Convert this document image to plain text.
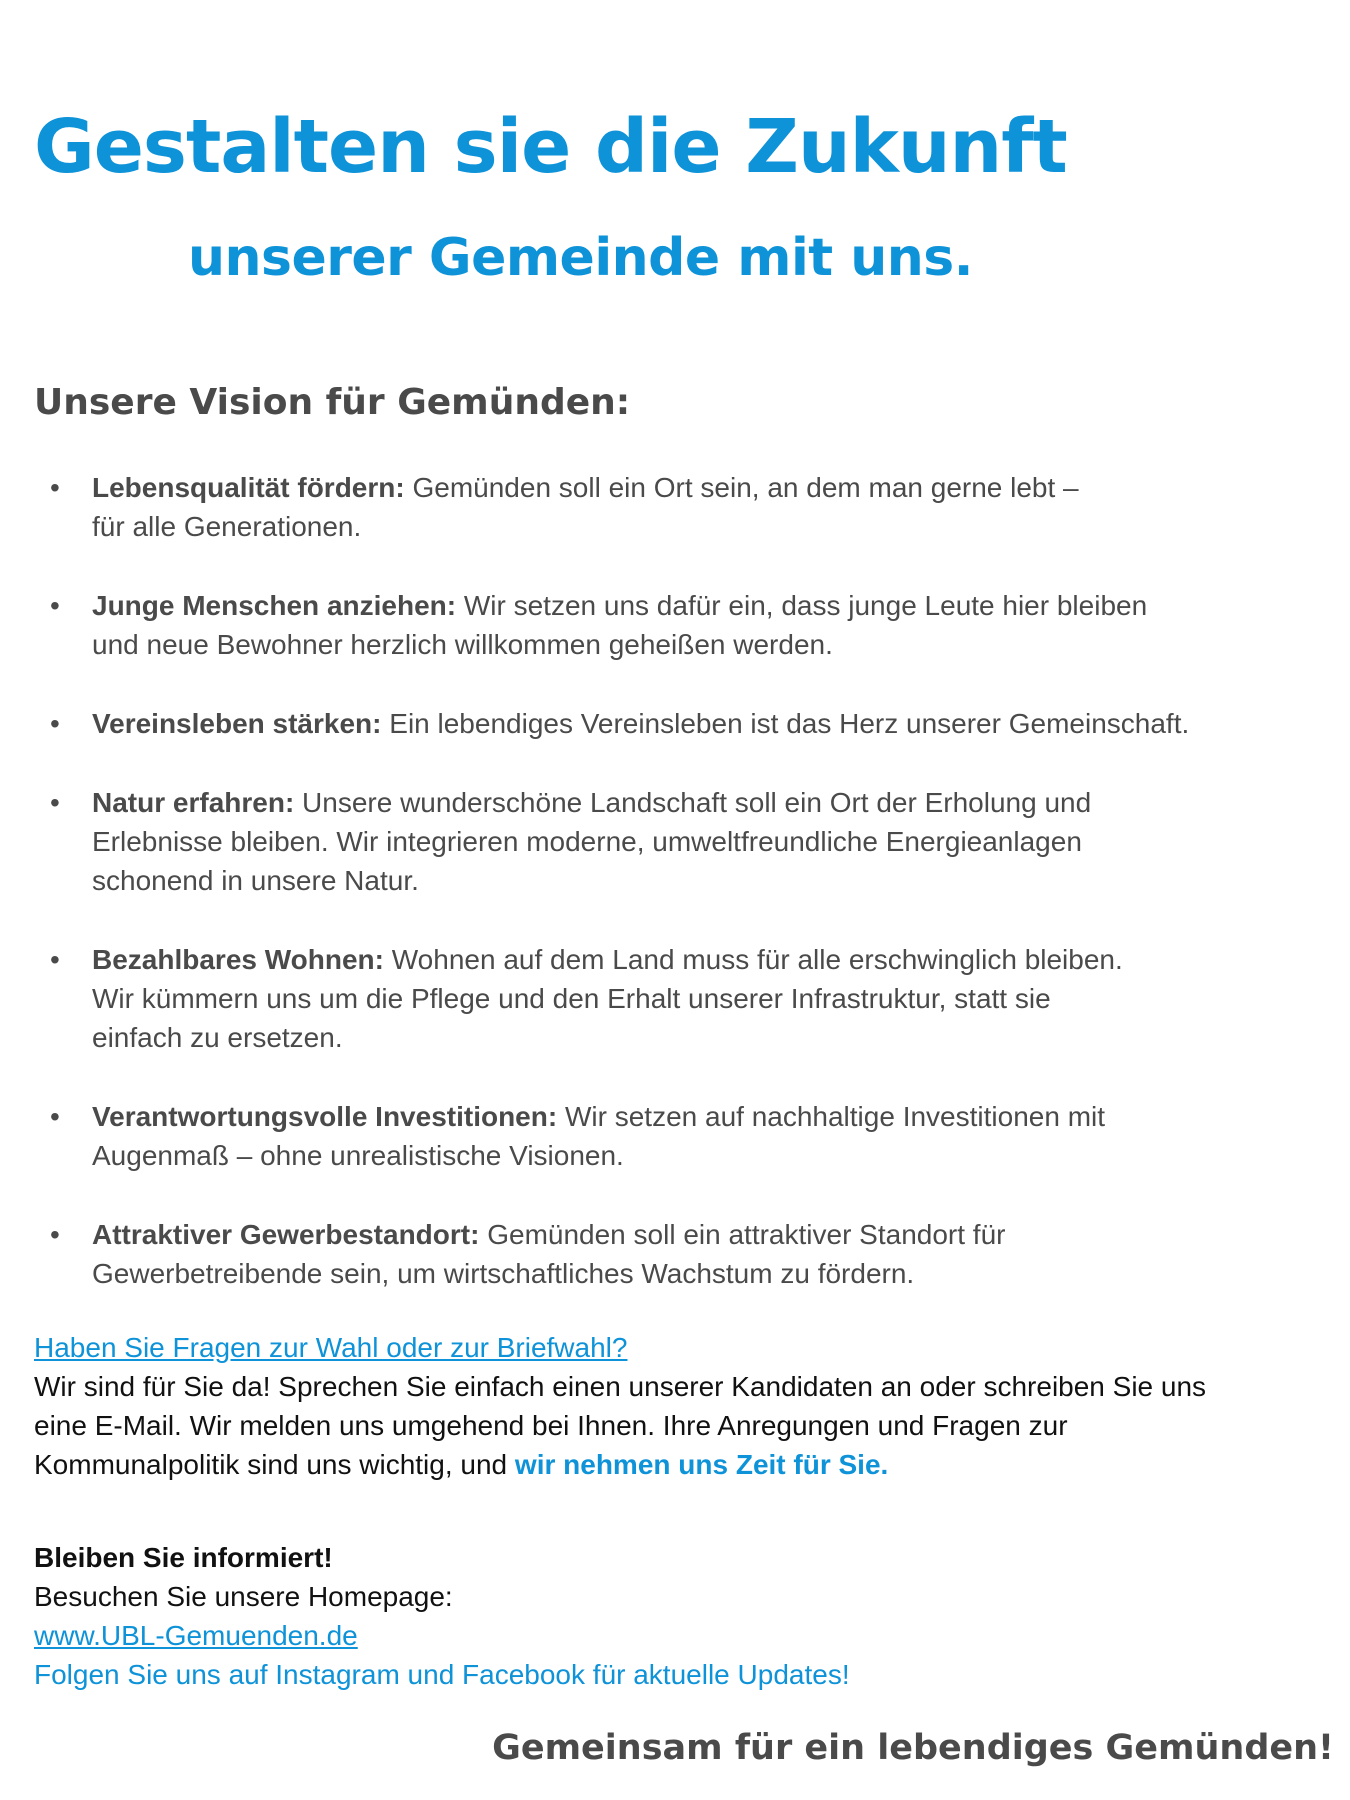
Gestalten sie die Zukunft
unserer Gemeinde mit uns.
Unsere Vision für Gemünden:
•	Lebensqualität fördern: Gemünden soll ein Ort sein, an dem man gerne lebt –
für alle Generationen.
•	Junge Menschen anziehen: Wir setzen uns dafür ein, dass junge Leute hier bleiben
und neue Bewohner herzlich willkommen geheißen werden.
•	Vereinsleben stärken: Ein lebendiges Vereinsleben ist das Herz unserer Gemeinschaft.
•	Natur erfahren: Unsere wunderschöne Landschaft soll ein Ort der Erholung und
Erlebnisse bleiben. Wir integrieren moderne, umweltfreundliche Energieanlagen
schonend in unsere Natur.
•	Bezahlbares Wohnen: Wohnen auf dem Land muss für alle erschwinglich bleiben.
Wir kümmern uns um die Pflege und den Erhalt unserer Infrastruktur, statt sie
einfach zu ersetzen.
•	Verantwortungsvolle Investitionen: Wir setzen auf nachhaltige Investitionen mit
Augenmaß – ohne unrealistische Visionen.
•	Attraktiver Gewerbestandort: Gemünden soll ein attraktiver Standort für
Gewerbetreibende sein, um wirtschaftliches Wachstum zu fördern.
Haben Sie Fragen zur Wahl oder zur Briefwahl?
Wir sind für Sie da! Sprechen Sie einfach einen unserer Kandidaten an oder schreiben Sie uns
eine E-Mail. Wir melden uns umgehend bei Ihnen. Ihre Anregungen und Fragen zur
Kommunalpolitik sind uns wichtig, und wir nehmen uns Zeit für Sie.
Bleiben Sie informiert!
Besuchen Sie unsere Homepage:
www.UBL-Gemuenden.de
Folgen Sie uns auf Instagram und Facebook für aktuelle Updates!
Gemeinsam für ein lebendiges Gemünden!
